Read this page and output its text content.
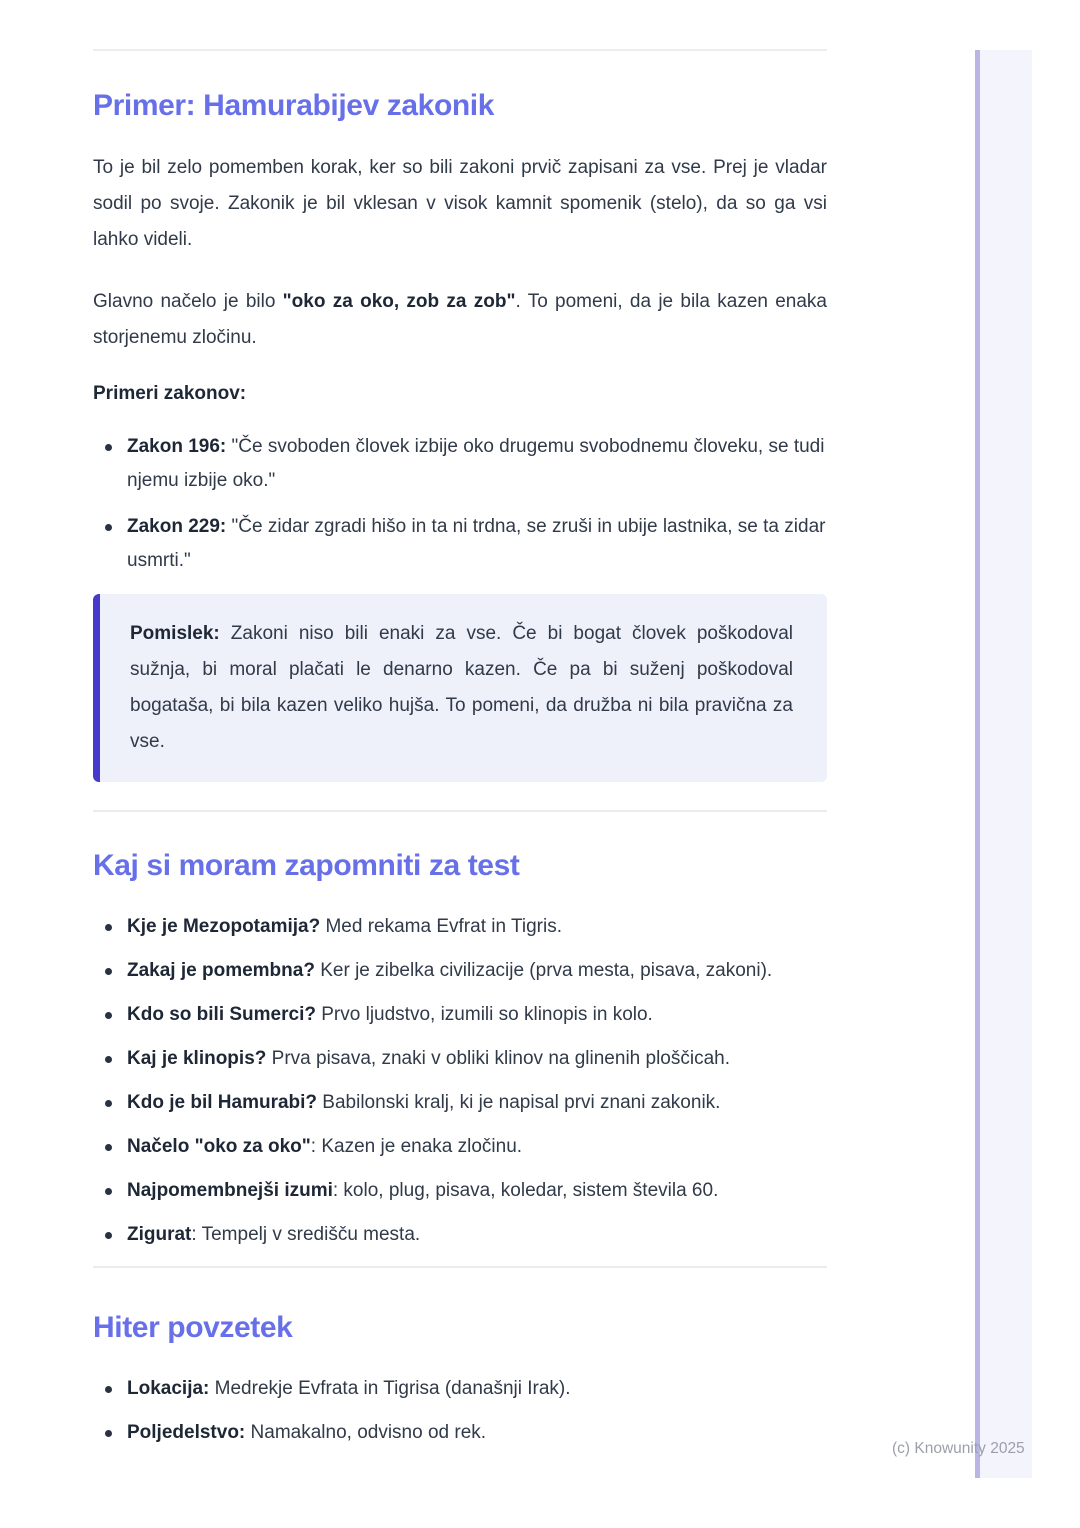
Primer: Hamurabijev zakonik

To je bil zelo pomemben korak, ker so bili zakoni prvič zapisani za vse. Prej je vladar sodil po svoje. Zakonik je bil vklesan v visok kamnit spomenik (stelo), da so ga vsi lahko videli.

Glavno načelo je bilo "oko za oko, zob za zob". To pomeni, da je bila kazen enaka storjenemu zločinu.

Primeri zakonov:

Zakon 196: "Če svoboden človek izbije oko drugemu svobodnemu človeku, se tudi njemu izbije oko."
Zakon 229: "Če zidar zgradi hišo in ta ni trdna, se zruši in ubije lastnika, se ta zidar usmrti."

Pomislek: Zakoni niso bili enaki za vse. Če bi bogat človek poškodoval sužnja, bi moral plačati le denarno kazen. Če pa bi suženj poškodoval bogataša, bi bila kazen veliko hujša. To pomeni, da družba ni bila pravična za vse.

Kaj si moram zapomniti za test
Kje je Mezopotamija? Med rekama Evfrat in Tigris.
Zakaj je pomembna? Ker je zibelka civilizacije (prva mesta, pisava, zakoni).
Kdo so bili Sumerci? Prvo ljudstvo, izumili so klinopis in kolo.
Kaj je klinopis? Prva pisava, znaki v obliki klinov na glinenih ploščicah.
Kdo je bil Hamurabi? Babilonski kralj, ki je napisal prvi znani zakonik.
Načelo "oko za oko": Kazen je enaka zločinu.
Najpomembnejši izumi: kolo, plug, pisava, koledar, sistem števila 60.
Zigurat: Tempelj v središču mesta.
Hiter povzetek
Lokacija: Medrekje Evfrata in Tigrisa (današnji Irak).
Poljedelstvo: Namakalno, odvisno od rek.
(c) Knowunity 2025
